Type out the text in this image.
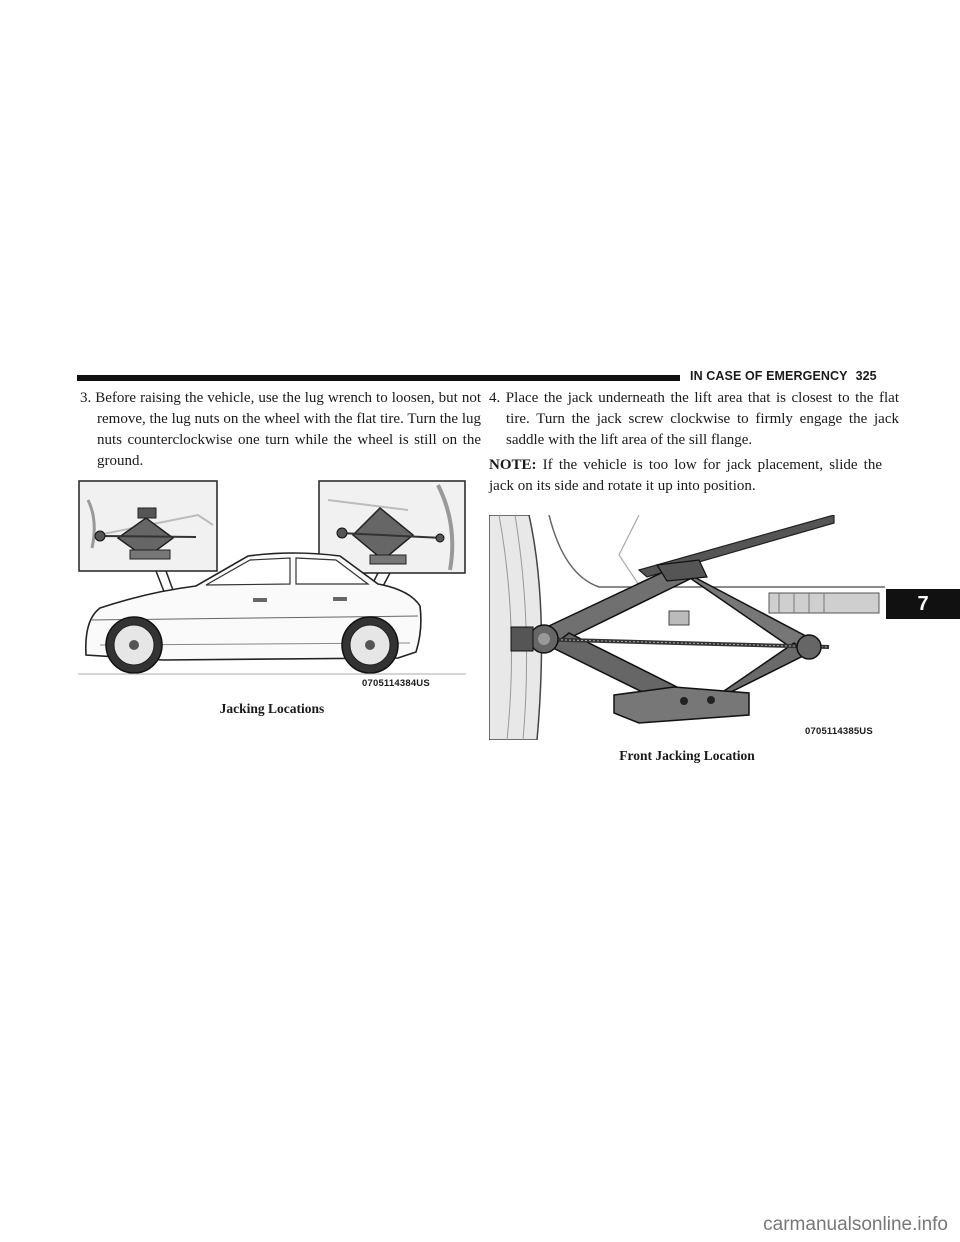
IN CASE OF EMERGENCY 325
7

3. Before raising the vehicle, use the lug wrench to loosen, but not remove, the lug nuts on the wheel with the flat tire. Turn the lug nuts counterclockwise one turn while the wheel is still on the ground.

4. Place the jack underneath the lift area that is closest to the flat tire. Turn the jack screw clockwise to firmly engage the jack saddle with the lift area of the sill flange.

NOTE: If the vehicle is too low for jack placement, slide the jack on its side and rotate it up into position.

0705114384US
Jacking Locations
0705114385US
Front Jacking Location
carmanualsonline.info
